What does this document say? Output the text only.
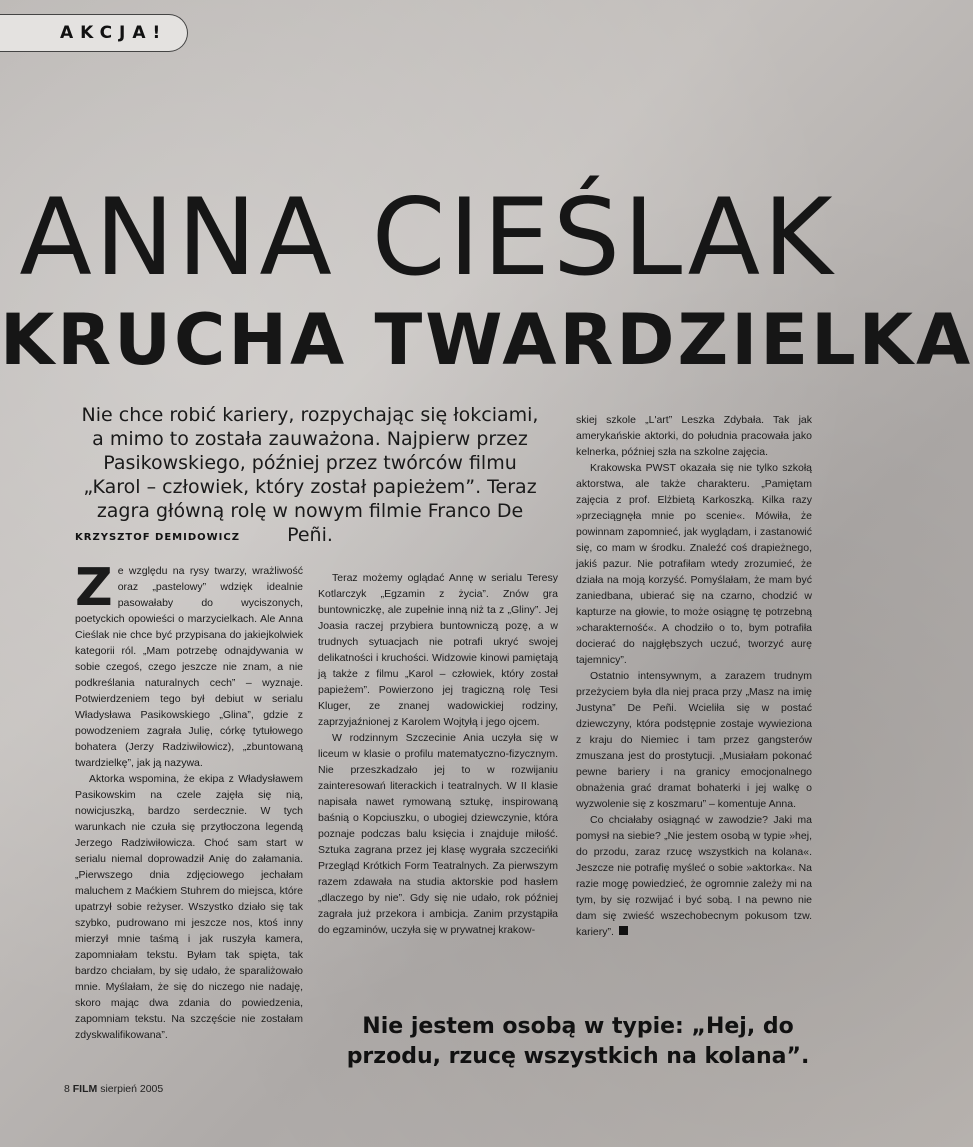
AKCJA!
ANNA CIEŚLAK
KRUCHA TWARDZIELKA
Nie chce robić kariery, rozpychając się łokciami, a mimo to została zauważona. Najpierw przez Pasikowskiego, później przez twórców filmu „Karol – człowiek, który został papieżem”. Teraz zagra główną rolę w nowym filmie Franco De Peñi.
KRZYSZTOF DEMIDOWICZ

Ze względu na rysy twarzy, wrażliwość oraz „pastelowy” wdzięk idealnie pasowałaby do wyciszonych, poetyckich opowieści o marzycielkach. Ale Anna Cieślak nie chce być przypisana do jakiejkolwiek kategorii ról. „Mam potrzebę odnajdywania w sobie czegoś, czego jeszcze nie znam, a nie podkreślania naturalnych cech” – wyznaje. Potwierdzeniem tego był debiut w serialu Władysława Pasikowskiego „Glina”, gdzie z powodzeniem zagrała Julię, córkę tytułowego bohatera (Jerzy Radziwiłowicz), „zbuntowaną twardzielkę”, jak ją nazywa.

Aktorka wspomina, że ekipa z Władysławem Pasikowskim na czele zajęła się nią, nowicjuszką, bardzo serdecznie. W tych warunkach nie czuła się przytłoczona legendą Jerzego Radziwiłowicza. Choć sam start w serialu niemal doprowadził Anię do załamania. „Pierwszego dnia zdjęciowego jechałam maluchem z Maćkiem Stuhrem do miejsca, które upatrzył sobie reżyser. Wszystko działo się tak szybko, pudrowano mi jeszcze nos, ktoś inny mierzył mnie taśmą i jak ruszyła kamera, zapomniałam tekstu. Byłam tak spięta, tak bardzo chciałam, by się udało, że sparaliżowało mnie. Myślałam, że się do niczego nie nadaję, skoro mając dwa zdania do powiedzenia, zapomniam tekstu. Na szczęście nie zostałam zdyskwalifikowana”.

Teraz możemy oglądać Annę w serialu Teresy Kotlarczyk „Egzamin z życia”. Znów gra buntowniczkę, ale zupełnie inną niż ta z „Gliny”. Jej Joasia raczej przybiera buntowniczą pozę, a w trudnych sytuacjach nie potrafi ukryć swojej delikatności i kruchości. Widzowie kinowi pamiętają ją także z filmu „Karol – człowiek, który został papieżem”. Powierzono jej tragiczną rolę Tesi Kluger, ze znanej wadowickiej rodziny, zaprzyjaźnionej z Karolem Wojtyłą i jego ojcem.

W rodzinnym Szczecinie Ania uczyła się w liceum w klasie o profilu matematyczno-fizycznym. Nie przeszkadzało jej to w rozwijaniu zainteresowań literackich i teatralnych. W II klasie napisała nawet rymowaną sztukę, inspirowaną baśnią o Kopciuszku, o ubogiej dziewczynie, która poznaje podczas balu księcia i znajduje miłość. Sztuka zagrana przez jej klasę wygrała szczecińki Przegląd Krótkich Form Teatralnych. Za pierwszym razem zdawała na studia aktorskie pod hasłem „dlaczego by nie”. Gdy się nie udało, rok później zagrała już przekora i ambicja. Zanim przystąpiła do egzaminów, uczyła się w prywatnej krakow-

skiej szkole „L'art” Leszka Zdybała. Tak jak amerykańskie aktorki, do południa pracowała jako kelnerka, później szła na szkolne zajęcia.

Krakowska PWST okazała się nie tylko szkołą aktorstwa, ale także charakteru. „Pamiętam zajęcia z prof. Elżbietą Karkoszką. Kilka razy »przeciągnęła mnie po scenie«. Mówiła, że powinnam zapomnieć, jak wyglądam, i zastanowić się, co mam w środku. Znaleźć coś drapieżnego, jakiś pazur. Nie potrafiłam wtedy zrozumieć, że działa na moją korzyść. Pomyślałam, że mam być zaniedbana, ubierać się na czarno, chodzić w kapturze na głowie, to może osiągnę tę potrzebną »charakterność«. A chodziło o to, bym potrafiła docierać do najgłębszych uczuć, tworzyć aurę tajemnicy”.

Ostatnio intensywnym, a zarazem trudnym przeżyciem była dla niej praca przy „Masz na imię Justyna” De Peñi. Wcieliła się w postać dziewczyny, która podstępnie zostaje wywieziona z kraju do Niemiec i tam przez gangsterów zmuszana jest do prostytucji. „Musiałam pokonać pewne bariery i na granicy emocjonalnego obnażenia grać dramat bohaterki i jej walkę o wyzwolenie się z koszmaru” – komentuje Anna.

Co chciałaby osiągnąć w zawodzie? Jaki ma pomysł na siebie? „Nie jestem osobą w typie »hej, do przodu, zaraz rzucę wszystkich na kolana«. Jeszcze nie potrafię myśleć o sobie »aktorka«. Na razie mogę powiedzieć, że ogromnie zależy mi na tym, by się rozwijać i być sobą. I na pewno nie dam się zwieść wszechobecnym pokusom tzw. kariery”.

Nie jestem osobą w typie: „Hej, do przodu, rzucę wszystkich na kolana”.
8 FILM sierpień 2005
